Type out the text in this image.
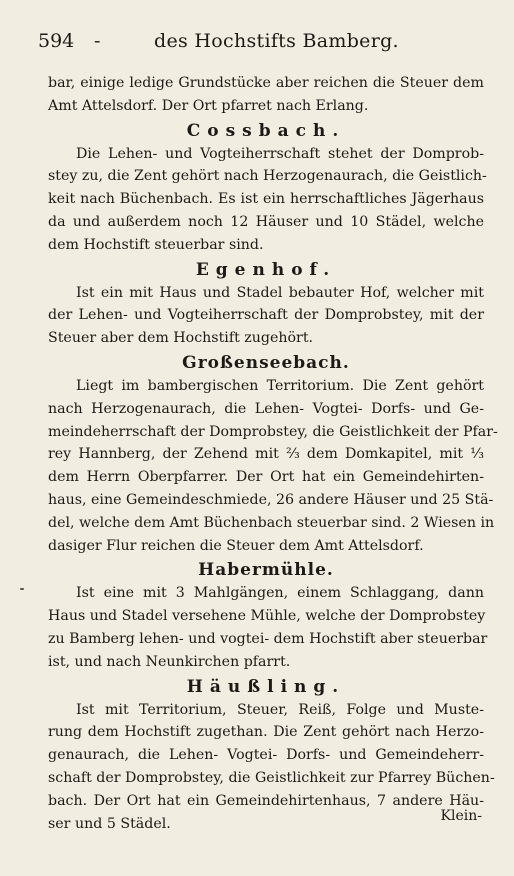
594 -	des Hochstifts Bamberg.
bar, einige ledige Grundstücke aber reichen die Steuer dem
Amt Attelsdorf. Der Ort pfarret nach Erlang.
Cossbach.
Die Lehen- und Vogteiherrschaft stehet der Domprob-
stey zu, die Zent gehört nach Herzogenaurach, die Geistlich-
keit nach Büchenbach. Es ist ein herrschaftliches Jägerhaus
da und außerdem noch 12 Häuser und 10 Städel, welche
dem Hochstift steuerbar sind.
Egenhof.
Ist ein mit Haus und Stadel bebauter Hof, welcher mit
der Lehen- und Vogteiherrschaft der Domprobstey, mit der
Steuer aber dem Hochstift zugehört.
Großenseebach.
Liegt im bambergischen Territorium. Die Zent gehört
nach Herzogenaurach, die Lehen- Vogtei- Dorfs- und Ge-
meindeherrschaft der Domprobstey, die Geistlichkeit der Pfar-
rey Hannberg, der Zehend mit ⅔ dem Domkapitel, mit ⅓
dem Herrn Oberpfarrer. Der Ort hat ein Gemeindehirten-
haus, eine Gemeindeschmiede, 26 andere Häuser und 25 Stä-
del, welche dem Amt Büchenbach steuerbar sind. 2 Wiesen in
dasiger Flur reichen die Steuer dem Amt Attelsdorf.
Habermühle.
Ist eine mit 3 Mahlgängen, einem Schlaggang, dann
Haus und Stadel versehene Mühle, welche der Domprobstey
zu Bamberg lehen- und vogtei- dem Hochstift aber steuerbar
ist, und nach Neunkirchen pfarrt.
Häußling.
Ist mit Territorium, Steuer, Reiß, Folge und Muste-
rung dem Hochstift zugethan. Die Zent gehört nach Herzo-
genaurach, die Lehen- Vogtei- Dorfs- und Gemeindeherr-
schaft der Domprobstey, die Geistlichkeit zur Pfarrey Büchen-
bach. Der Ort hat ein Gemeindehirtenhaus, 7 andere Häu-
ser und 5 Städel.	Klein-
